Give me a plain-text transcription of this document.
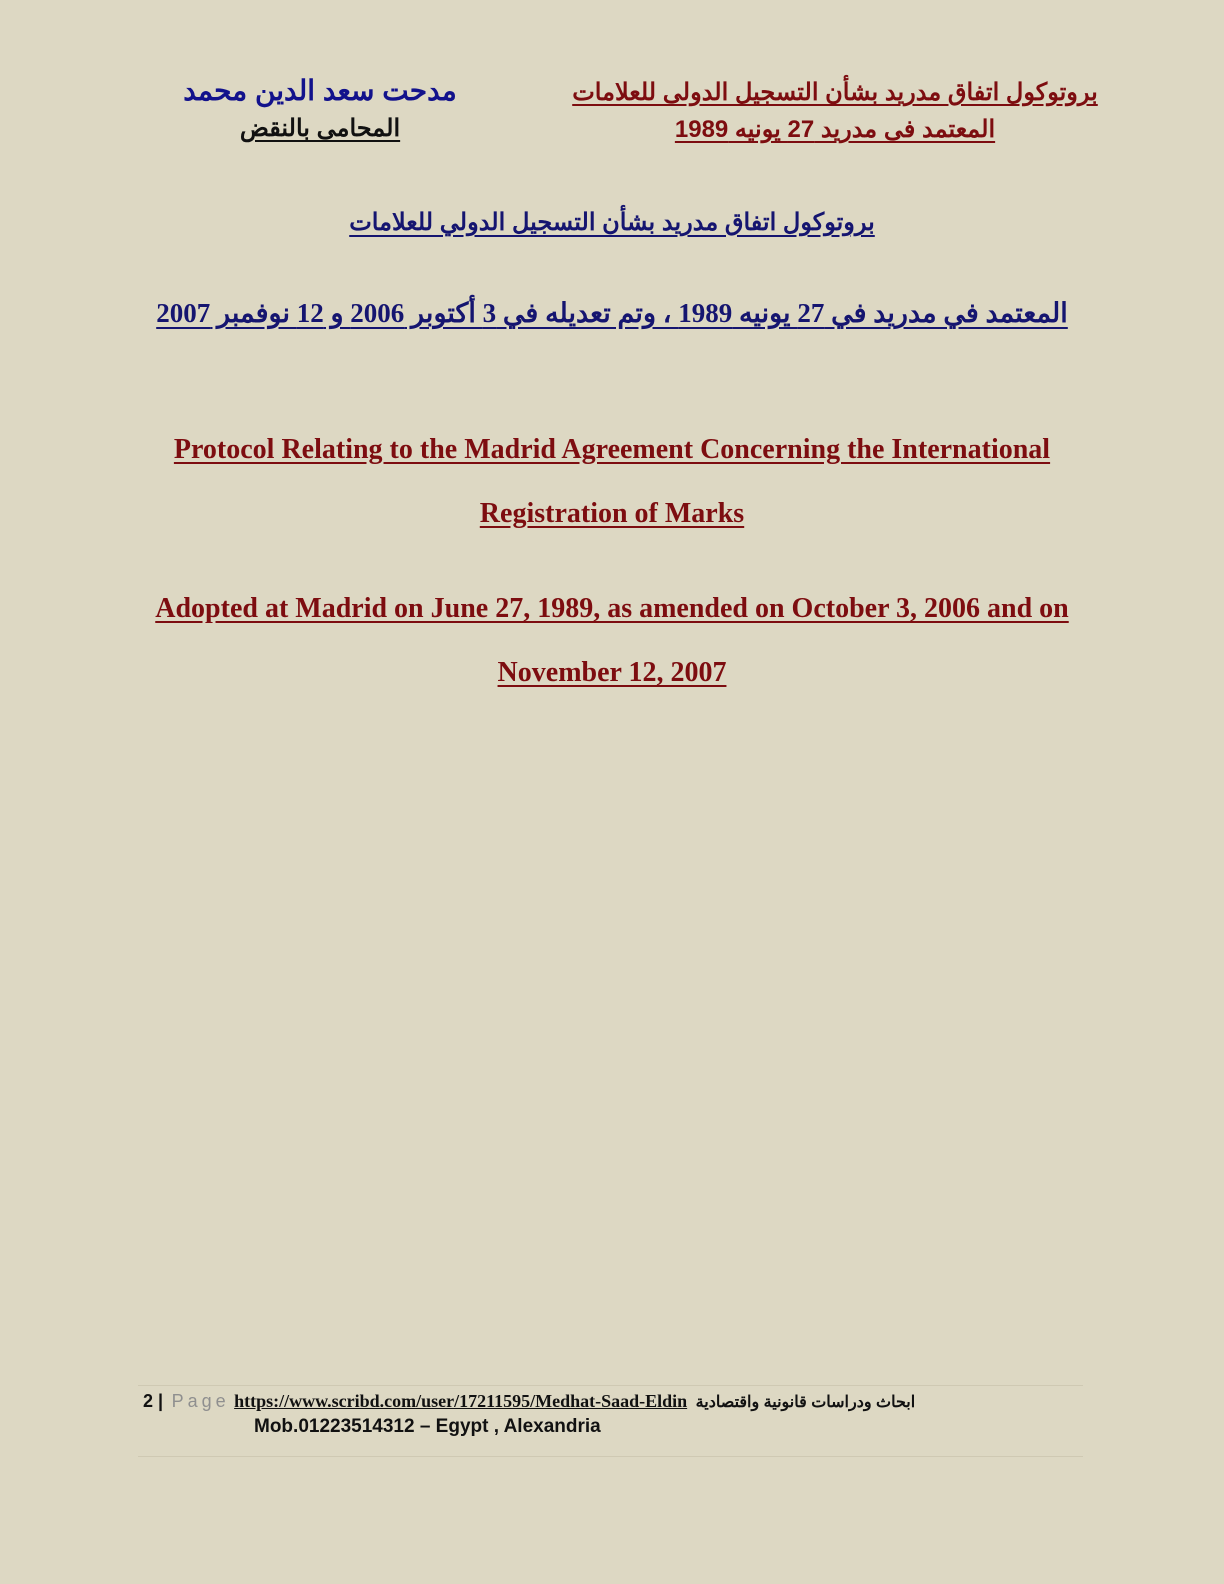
بروتوكول اتفاق مدريد بشأن التسجيل الدولى للعلامات
المعتمد فى مدريد 27 يونيه 1989
مدحت سعد الدين محمد
المحامى بالنقض
بروتوكول اتفاق مدريد بشأن التسجيل الدولي للعلامات
المعتمد في مدريد في 27 يونيه 1989 ، وتم تعديله في 3 أكتوبر 2006 و 12 نوفمبر 2007
Protocol Relating to the Madrid Agreement Concerning the International
Registration of Marks
Adopted at Madrid on June 27, 1989, as amended on October 3, 2006 and on
November 12, 2007
2 | Page https://www.scribd.com/user/17211595/Medhat-Saad-Eldin ابحاث ودراسات قانونية واقتصادية
Mob.01223514312 – Egypt , Alexandria
